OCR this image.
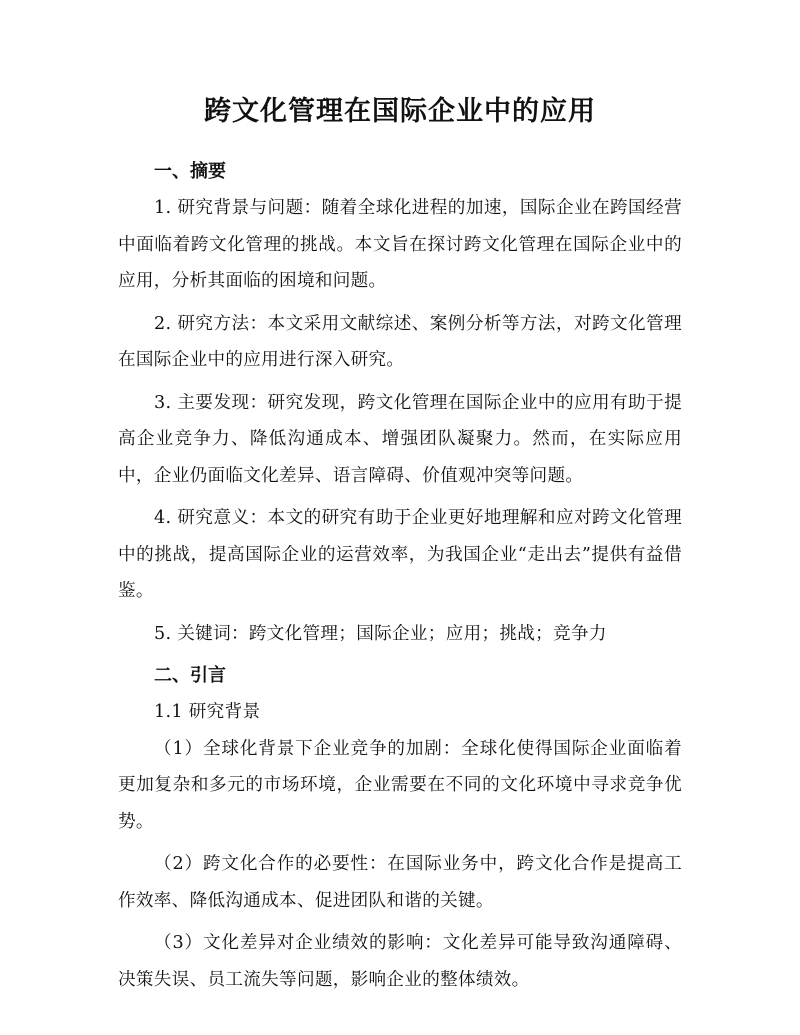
跨文化管理在国际企业中的应用
一、摘要

1. 研究背景与问题：随着全球化进程的加速，国际企业在跨国经营中面临着跨文化管理的挑战。本文旨在探讨跨文化管理在国际企业中的应用，分析其面临的困境和问题。

2. 研究方法：本文采用文献综述、案例分析等方法，对跨文化管理在国际企业中的应用进行深入研究。

3. 主要发现：研究发现，跨文化管理在国际企业中的应用有助于提高企业竞争力、降低沟通成本、增强团队凝聚力。然而，在实际应用中，企业仍面临文化差异、语言障碍、价值观冲突等问题。

4. 研究意义：本文的研究有助于企业更好地理解和应对跨文化管理中的挑战，提高国际企业的运营效率，为我国企业“走出去”提供有益借鉴。

5. 关键词：跨文化管理；国际企业；应用；挑战；竞争力

二、引言
1.1 研究背景

（1）全球化背景下企业竞争的加剧：全球化使得国际企业面临着更加复杂和多元的市场环境，企业需要在不同的文化环境中寻求竞争优势。

（2）跨文化合作的必要性：在国际业务中，跨文化合作是提高工作效率、降低沟通成本、促进团队和谐的关键。

（3）文化差异对企业绩效的影响：文化差异可能导致沟通障碍、决策失误、员工流失等问题，影响企业的整体绩效。
